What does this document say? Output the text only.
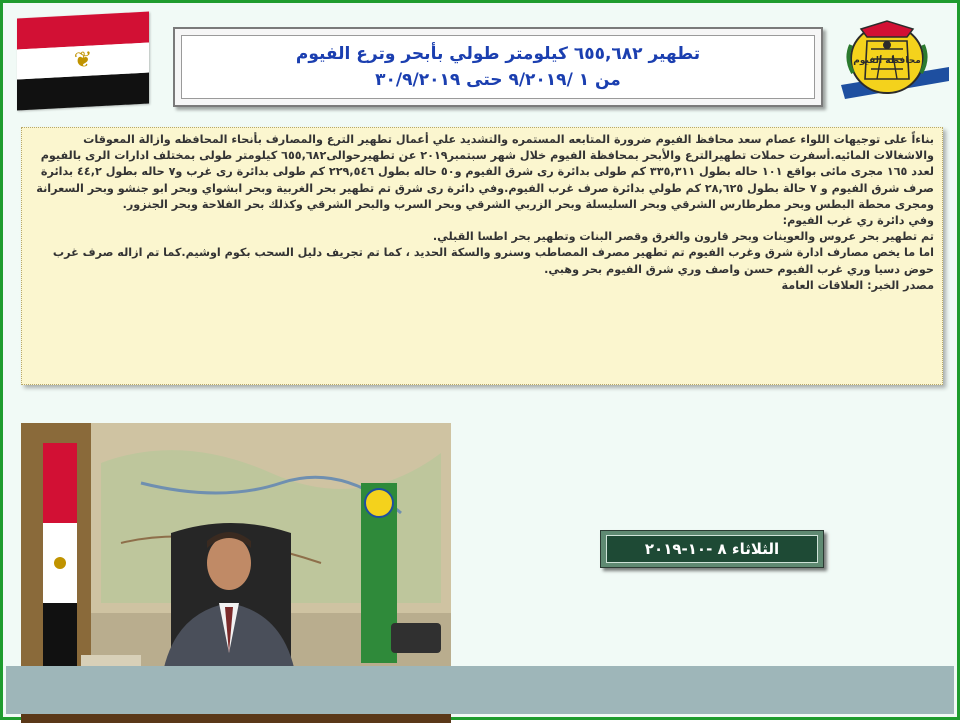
❦	تطهير ٦٥٥,٦٨٢ كيلومتر طولي بأبحر وترع الفيوم
من ١ /٩/٢٠١٩ حتى ٣٠/٩/٢٠١٩
محافظة الفيوم

بناءاً على توجيهات اللواء عصام سعد محافظ الفيوم ضرورة المتابعه المستمره والتشديد علي أعمال تطهير الترع والمصارف بأنحاء المحافظه وازالة المعوقات والاشغالات المائيه.أسفرت حملات تطهيرالترع والأبحر بمحافظة الفيوم خلال شهر سبتمبر٢٠١٩ عن تطهيرحوالى٦٥٥,٦٨٢ كيلومتر طولى بمختلف ادارات الرى بالفيوم لعدد ١٦٥ مجرى مائى بواقع ١٠١ حاله بطول ٣٣٥,٣١١ كم طولى بدائرة رى شرق الفيوم و٥٠ حاله بطول ٢٢٩,٥٤٦ كم طولى بدائرة رى غرب و٧ حاله بطول ٤٤,٢ بدائرة صرف شرق الفيوم و ٧ حالة بطول ٢٨,٦٢٥ كم طولي بدائرة صرف غرب الفيوم.وفي دائرة رى شرق تم تطهير بحر الغربية وبحر ابشواي وبحر ابو جنشو وبحر السعرانة ومجرى محطة البطس وبحر مطرطارس الشرقي وبحر السليسلة وبحر الزربي الشرقي وبحر السرب والبحر الشرقي وكذلك بحر الفلاحة وبحر الجنزور.

وفي دائرة ري غرب الفيوم:

تم تطهير بحر عروس والعوينات وبحر قارون والغرق وقصر البنات وتطهير بحر اطسا القبلي.

اما ما يخص مصارف ادارة شرق وغرب الفيوم تم تطهير مصرف المصاطب وسنرو والسكة الحديد ، كما تم تجريف دليل السحب بكوم اوشيم.كما تم ازاله صرف غرب حوض دسيا وري غرب الفيوم حسن واصف وري شرق الفيوم بحر وهبي.

مصدر الخبر: العلاقات العامة

الثلاثاء ٨ -١٠-٢٠١٩
